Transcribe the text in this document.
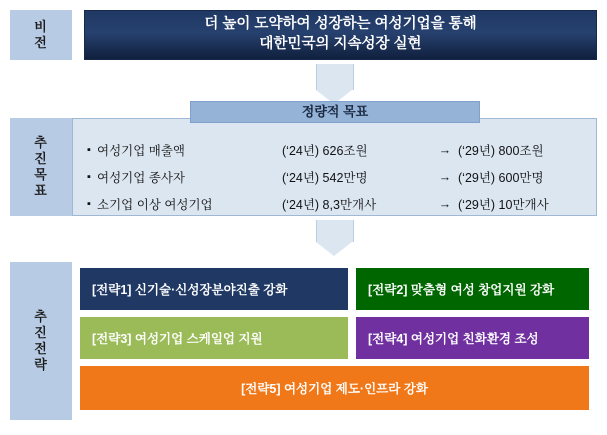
비전
더 높이 도약하여 성장하는 여성기업을 통해
대한민국의 지속성장 실현
추진목표
▪ 여성기업 매출액	(‘24년) 626조원	→ (‘29년) 800조원
▪ 여성기업 종사자	(‘24년) 542만명	→ (‘29년) 600만명
▪ 소기업 이상 여성기업	(‘24년) 8,3만개사	→ (‘29년) 10만개사
정량적 목표
추진전략
[전략1] 신기술·신성장분야진출 강화	[전략2] 맞춤형 여성 창업지원 강화
[전략3] 여성기업 스케일업 지원	[전략4] 여성기업 친화환경 조성
[전략5] 여성기업 제도·인프라 강화
